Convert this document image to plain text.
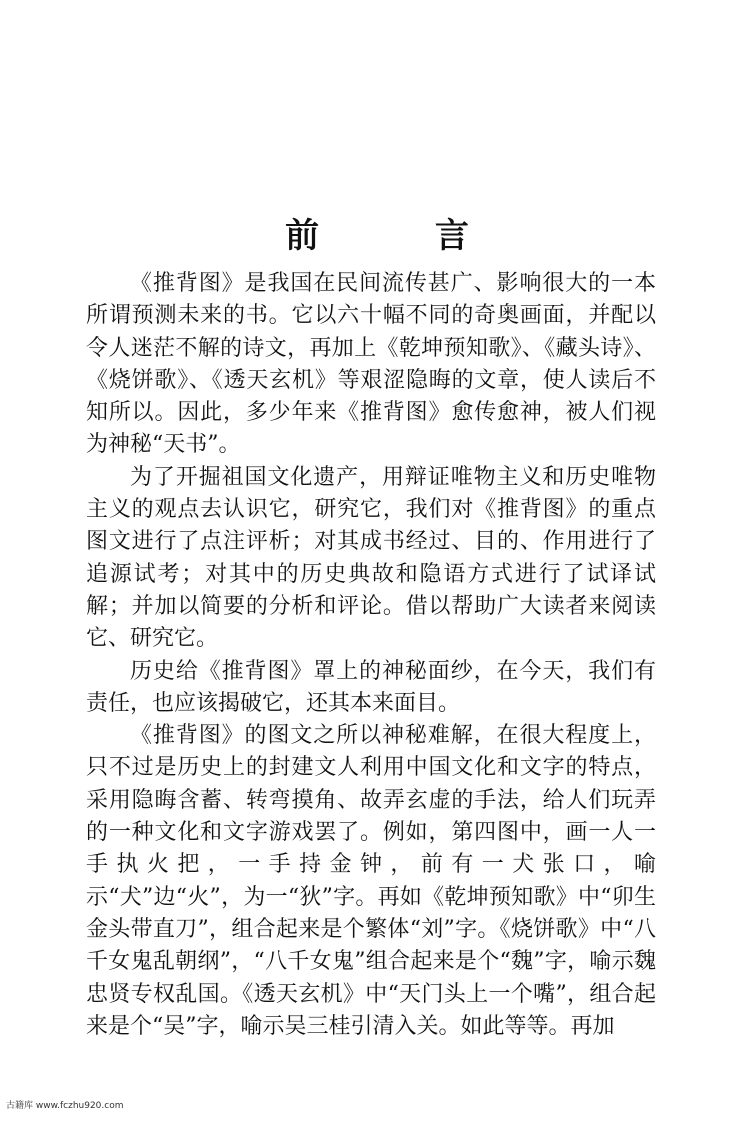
前 言

《推背图》是我国在民间流传甚广、影响很大的一本所谓预测未来的书。它以六十幅不同的奇奥画面，并配以令人迷茫不解的诗文，再加上《乾坤预知歌》、《藏头诗》、《烧饼歌》、《透天玄机》等艰涩隐晦的文章，使人读后不知所以。因此，多少年来《推背图》愈传愈神，被人们视为神秘“天书”。

为了开掘祖国文化遗产，用辩证唯物主义和历史唯物主义的观点去认识它，研究它，我们对《推背图》的重点图文进行了点注评析；对其成书经过、目的、作用进行了追源试考；对其中的历史典故和隐语方式进行了试译试解；并加以简要的分析和评论。借以帮助广大读者来阅读它、研究它。

历史给《推背图》罩上的神秘面纱，在今天，我们有责任，也应该揭破它，还其本来面目。

《推背图》的图文之所以神秘难解，在很大程度上，只不过是历史上的封建文人利用中国文化和文字的特点，采用隐晦含蓄、转弯摸角、故弄玄虚的手法，给人们玩弄的一种文化和文字游戏罢了。例如，第四图中，画一人一手执火把，一手持金钟，前有一犬张口，喻示“犬”边“火”，为一“狄”字。再如《乾坤预知歌》中“卯生金头带直刀”，组合起来是个繁体“刘”字。《烧饼歌》中“八千女鬼乱朝纲”，“八千女鬼”组合起来是个“魏”字，喻示魏忠贤专权乱国。《透天玄机》中“天门头上一个嘴”，组合起来是个“吴”字，喻示吴三桂引清入关。如此等等。再加

古籍库 www.fczhu920.com
